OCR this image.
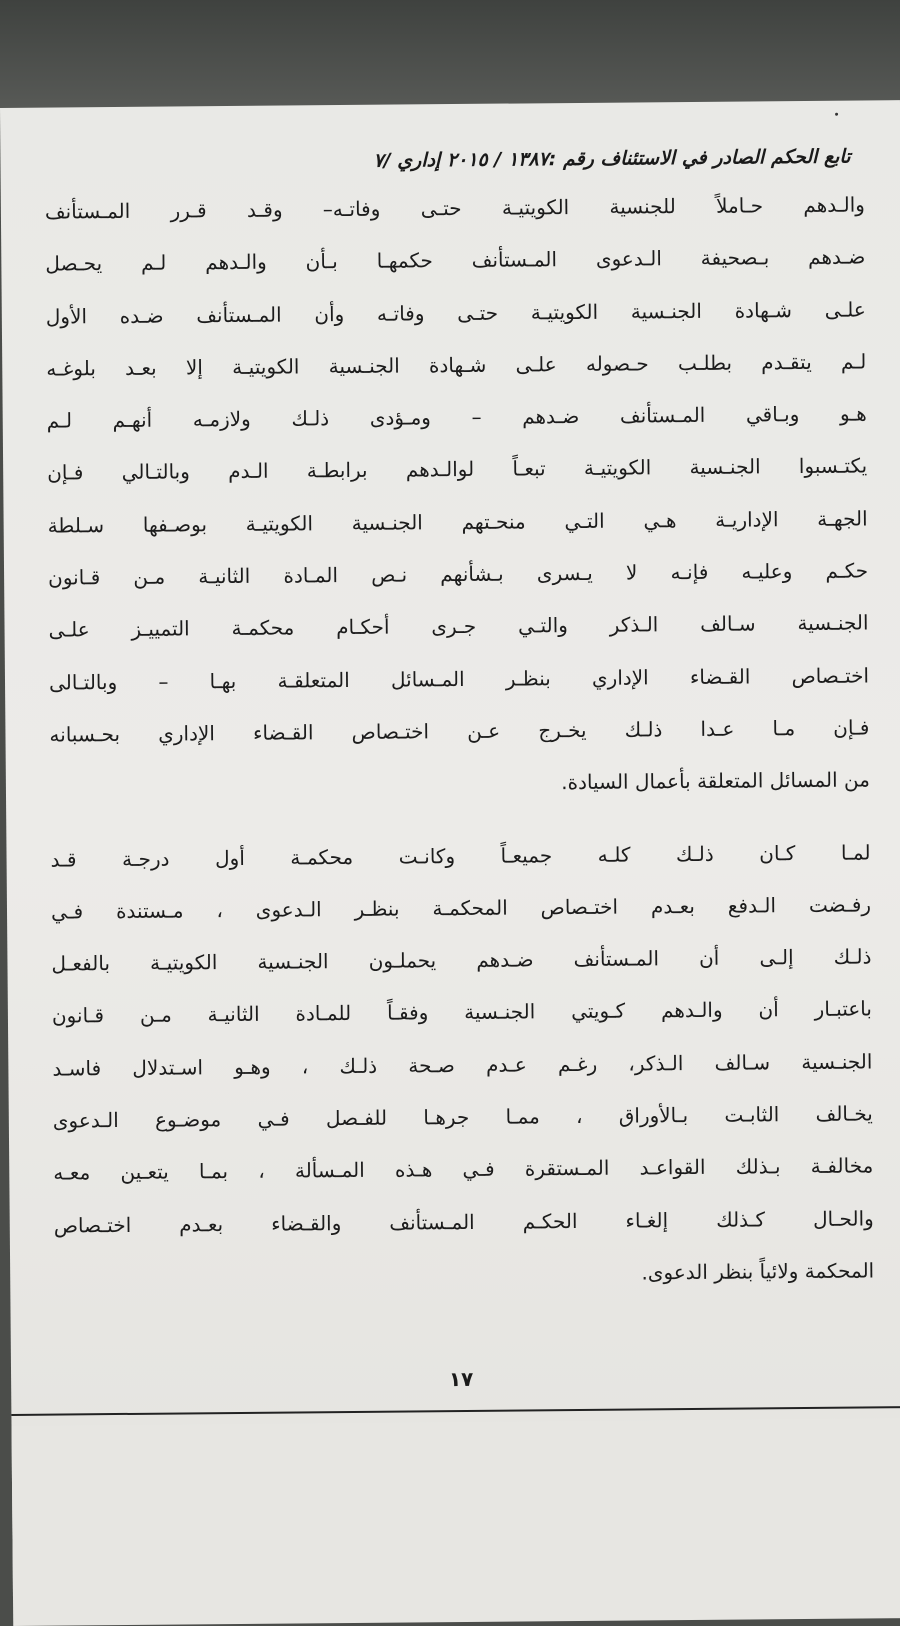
تابع الحكم الصادر في الاستئناف رقم :١٣٨٧ / ٢٠١٥ إداري /٧
والـدهم حـاملاً للجنسية الكويتيـة حتـى وفاتـه– وقـد قـرر المـستأنف
ضـدهم بـصحيفة الـدعوى المـستأنف حكمهـا بـأن والـدهم لـم يحـصل
علـى شـهادة الجنـسية الكويتيـة حتـى وفاتـه وأن المـستأنف ضـده الأول
لـم يتقـدم بطلـب حـصوله علـى شـهادة الجنـسية الكويتيـة إلا بعـد بلوغـه
هـو وبـاقي المـستأنف ضـدهم – ومـؤدى ذلـك ولازمـه أنهـم لـم
يكتـسبوا الجنـسية الكويتيـة تبعـاً لوالـدهم برابطـة الـدم وبالتـالي فـإن
الجهـة الإداريـة هـي التـي منحـتهم الجنـسية الكويتيـة بوصـفها سـلطة
حكـم وعليـه فإنـه لا يـسرى بـشأنهم نـص المـادة الثانيـة مـن قـانون
الجنـسية سـالف الـذكر والتـي جـرى أحكـام محكمـة التمييـز علـى
اختـصاص القـضاء الإداري بنظـر المـسائل المتعلقـة بهـا – وبالتـالى
فـإن مـا عـدا ذلـك يخـرج عـن اختـصاص القـضاء الإداري بحـسبانه
من المسائل المتعلقة بأعمال السيادة.
لمـا كـان ذلـك كلـه جميعـاً وكانـت محكمـة أول درجـة قـد
رفـضت الـدفع بعـدم اختـصاص المحكمـة بنظـر الـدعوى ، مـستندة فـي
ذلـك إلـى أن المـستأنف ضـدهم يحملـون الجنـسية الكويتيـة بالفعـل
باعتبـار أن والـدهم كـويتي الجنـسية وفقـاً للمـادة الثانيـة مـن قـانون
الجنـسية سـالف الـذكر، رغـم عـدم صـحة ذلـك ، وهـو اسـتدلال فاسـد
يخـالف الثابـت بـالأوراق ، ممـا جرهـا للفـصل فـي موضـوع الـدعوى
مخالفـة بـذلك القواعـد المـستقرة فـي هـذه المـسألة ، بمـا يتعـين معـه
والحـال كـذلك إلغـاء الحكـم المـستأنف والقـضاء بعـدم اختـصاص
المحكمة ولائياً بنظر الدعوى.
١٧
